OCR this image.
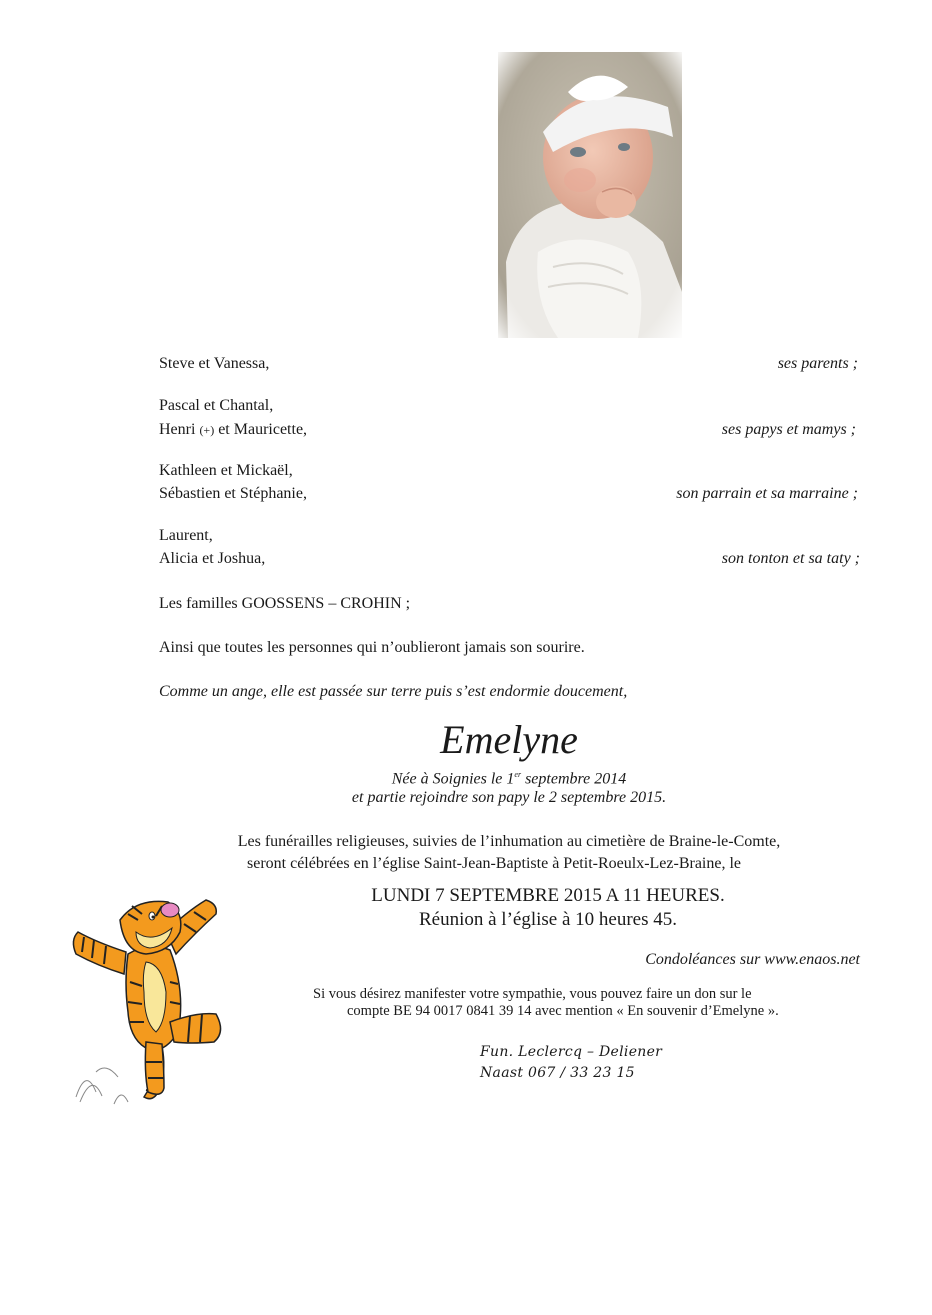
Steve et Vanessa,	ses parents ;
Pascal et Chantal,
Henri (+) et Mauricette,	ses papys et mamys ;
Kathleen et Mickaël,
Sébastien et Stéphanie,	son parrain et sa marraine ;
Laurent,
Alicia et Joshua,	son tonton et sa taty ;
Les familles GOOSSENS – CROHIN ;
Ainsi que toutes les personnes qui n’oublieront jamais son sourire.
Comme un ange, elle est passée sur terre puis s’est endormie doucement,
Emelyne
Née à Soignies le 1er septembre 2014
et partie rejoindre son papy le 2 septembre 2015.
Les funérailles religieuses, suivies de l’inhumation au cimetière de Braine-le-Comte,
seront célébrées en l’église Saint-Jean-Baptiste à Petit-Roeulx-Lez-Braine, le
LUNDI 7 SEPTEMBRE 2015 A 11 HEURES.
Réunion à l’église à 10 heures 45.
Condoléances sur www.enaos.net
Si vous désirez manifester votre sympathie, vous pouvez faire un don sur le
compte BE 94 0017 0841 39 14 avec mention « En souvenir d’Emelyne ».
Fun. Leclercq – Deliener
Naast 067 / 33 23 15
